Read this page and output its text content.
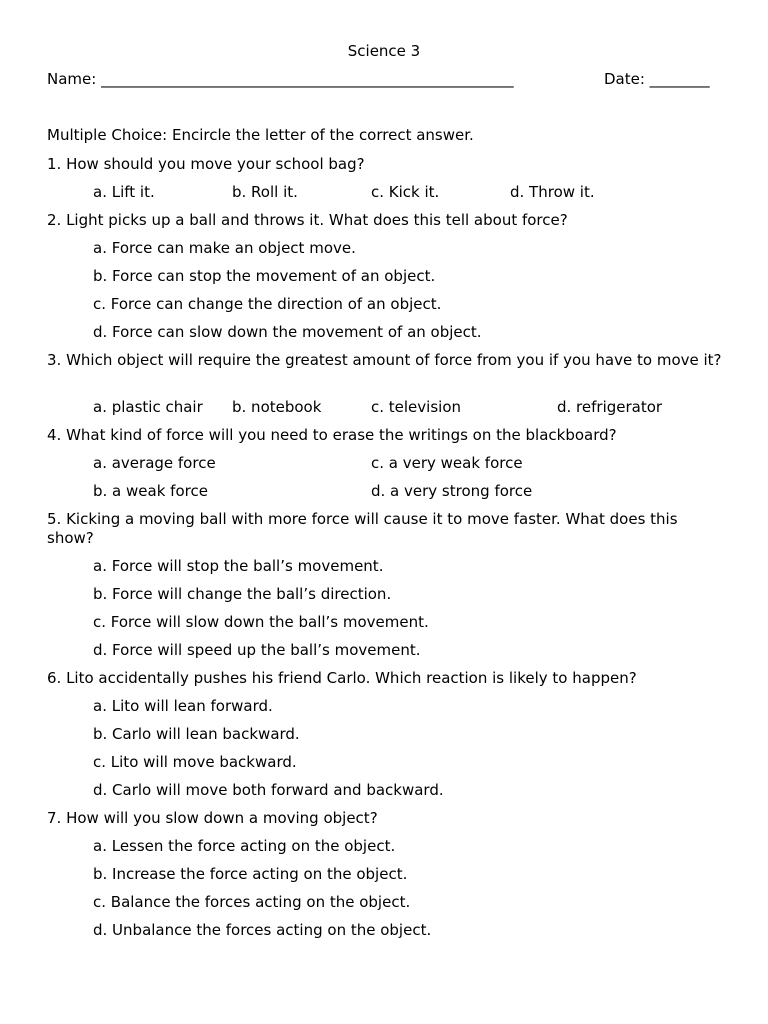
Science 3
Name: _______________________________________________________	Date: ________
Multiple Choice: Encircle the letter of the correct answer.
1. How should you move your school bag?
a. Lift it.	b. Roll it.	c. Kick it.	d. Throw it.
2. Light picks up a ball and throws it. What does this tell about force?
a. Force can make an object move.
b. Force can stop the movement of an object.
c. Force can change the direction of an object.
d. Force can slow down the movement of an object.
3. Which object will require the greatest amount of force from you if you have to move it?
a. plastic chair b. notebook	c. television	d. refrigerator
4. What kind of force will you need to erase the writings on the blackboard?
a. average force
b. a weak force
c. a very weak force
d. a very strong force
5. Kicking a moving ball with more force will cause it to move faster. What does this show?
a. Force will stop the ball’s movement.
b. Force will change the ball’s direction.
c. Force will slow down the ball’s movement.
d. Force will speed up the ball’s movement.
6. Lito accidentally pushes his friend Carlo. Which reaction is likely to happen?
a. Lito will lean forward.
b. Carlo will lean backward.
c. Lito will move backward.
d. Carlo will move both forward and backward.
7. How will you slow down a moving object?
a. Lessen the force acting on the object.
b. Increase the force acting on the object.
c. Balance the forces acting on the object.
d. Unbalance the forces acting on the object.
